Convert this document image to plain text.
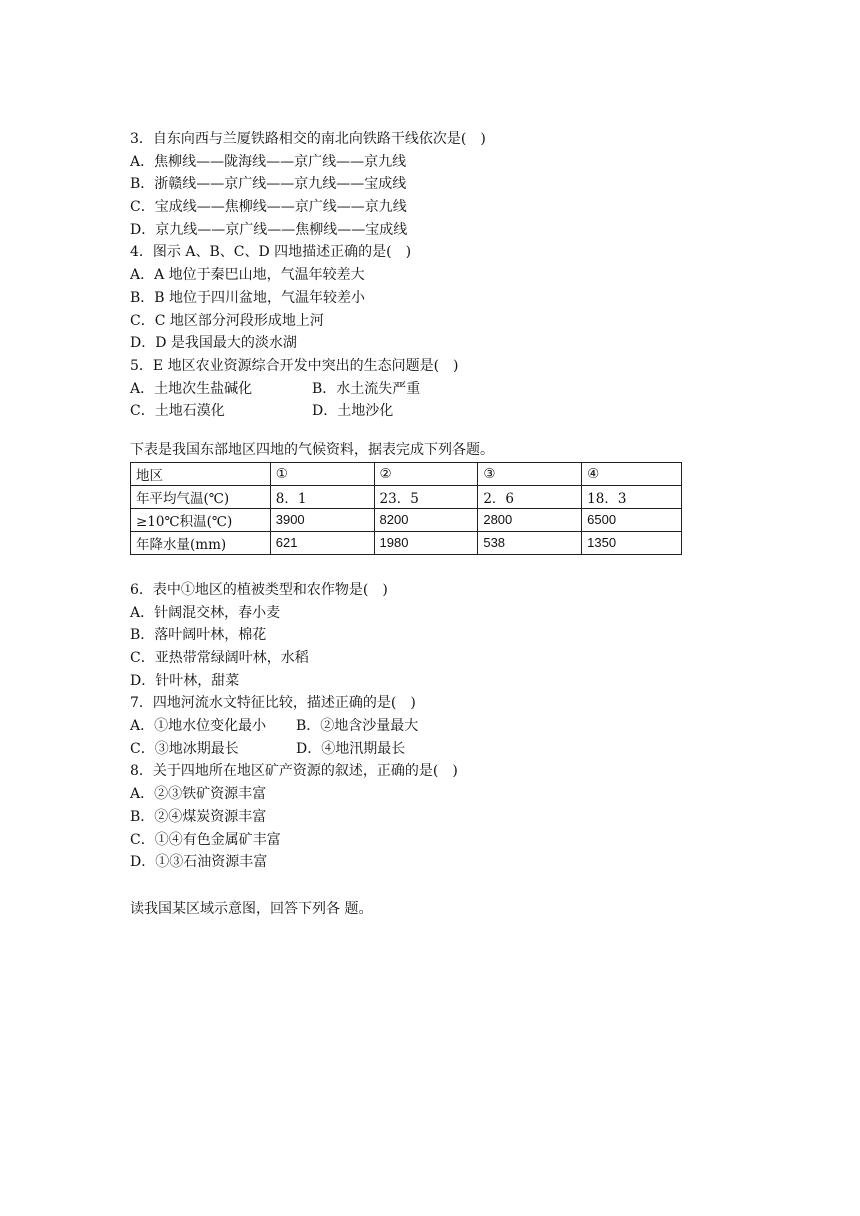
3．自东向西与兰厦铁路相交的南北向铁路干线依次是(　)
A．焦柳线——陇海线——京广线——京九线
B．浙赣线——京广线——京九线——宝成线
C．宝成线——焦柳线——京广线——京九线
D．京九线——京广线——焦柳线——宝成线
4．图示 A、B、C、D 四地描述正确的是(　)
A．A 地位于秦巴山地，气温年较差大
B．B 地位于四川盆地，气温年较差小
C．C 地区部分河段形成地上河
D．D 是我国最大的淡水湖
5．E 地区农业资源综合开发中突出的生态问题是(　)
A．土地次生盐碱化	B．水土流失严重
C．土地石漠化	D．土地沙化
下表是我国东部地区四地的气候资料，据表完成下列各题。
地区	①	②	③	④
年平均气温(℃)	8．1	23．5	2．6	18．3
≥10℃积温(℃)	3900	8200	2800	6500
年降水量(mm)	621	1980	538	1350
6．表中①地区的植被类型和农作物是(　)
A．针阔混交林，春小麦
B．落叶阔叶林，棉花
C．亚热带常绿阔叶林，水稻
D．针叶林，甜菜
7．四地河流水文特征比较，描述正确的是(　)
A．①地水位变化最小	B．②地含沙量最大
C．③地冰期最长	D．④地汛期最长
8．关于四地所在地区矿产资源的叙述，正确的是(　)
A．②③铁矿资源丰富
B．②④煤炭资源丰富
C．①④有色金属矿丰富
D．①③石油资源丰富
读我国某区域示意图，回答下列各 题。
